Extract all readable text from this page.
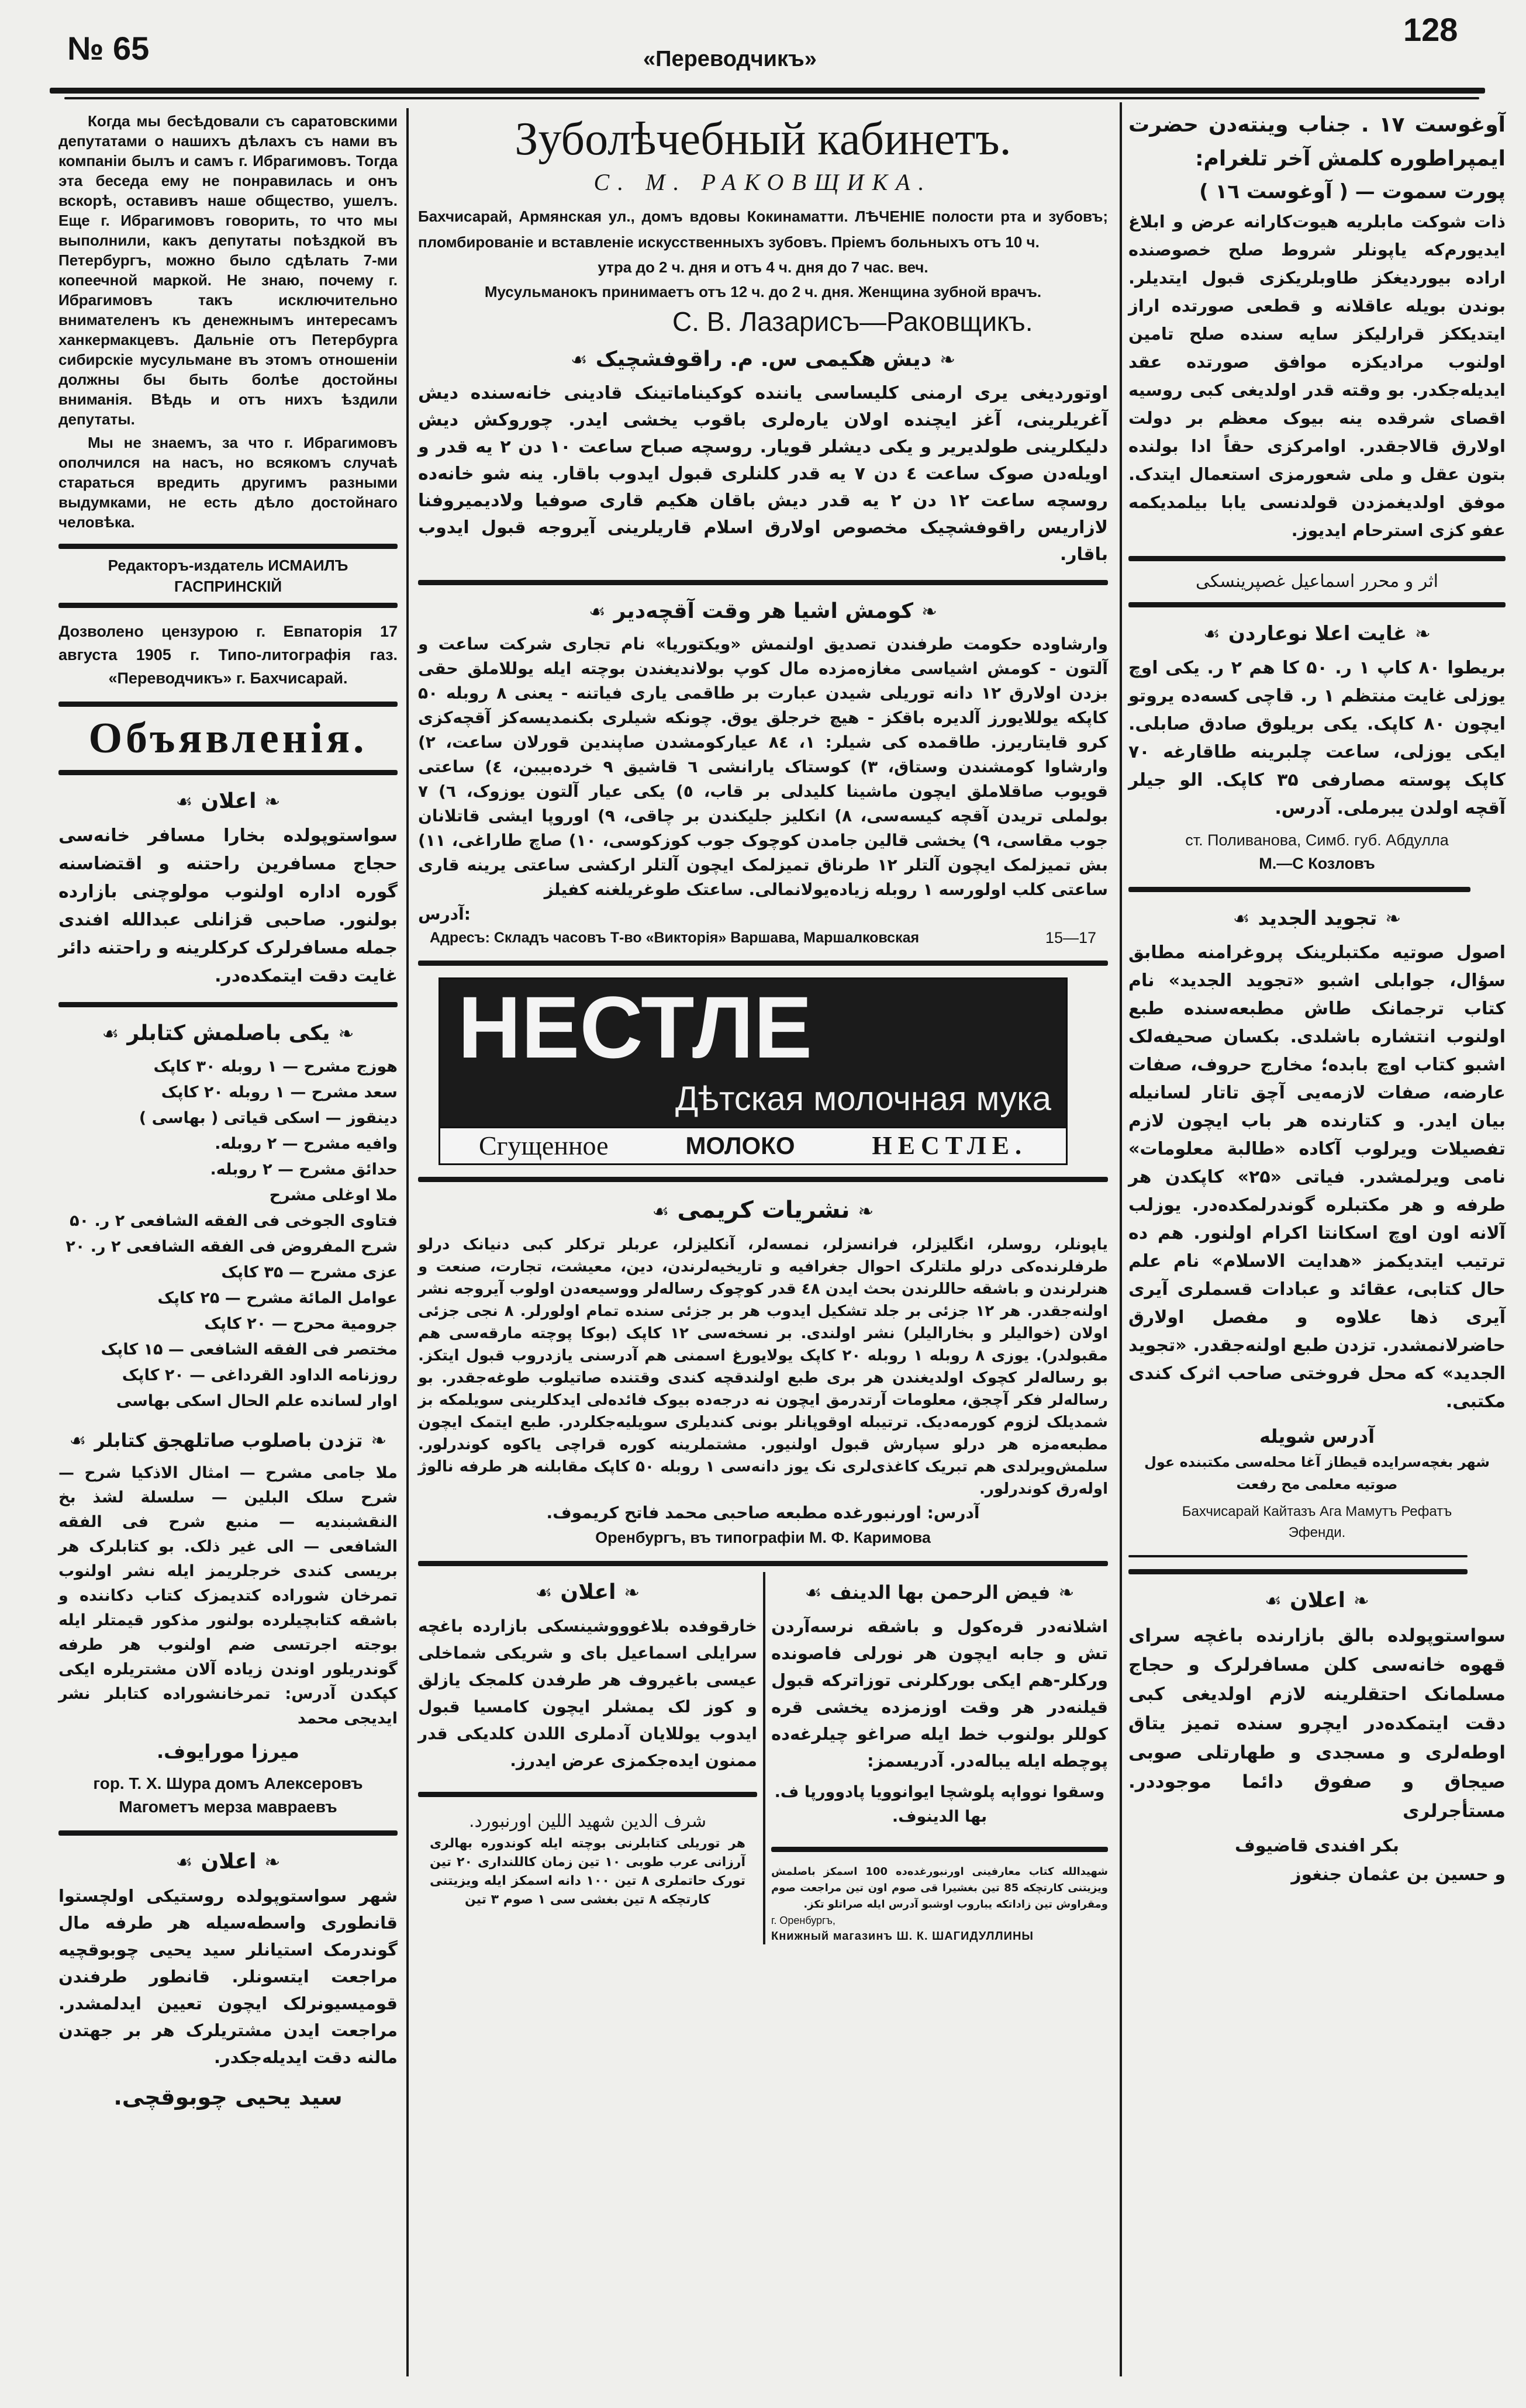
№ 65	«Переводчикъ»
128
Когда мы бесѣдовали съ саратовскими депутатами о нашихъ дѣлахъ съ нами въ компаніи былъ и самъ г. Ибрагимовъ. Тогда эта беседа ему не понравилась и онъ вскорѣ, оставивъ наше общество, ушелъ. Еще г. Ибрагимовъ говорить, то что мы выполнили, какъ депутаты поѣздкой въ Петербургъ, можно было сдѣлать 7-ми копеечной маркой. Не знаю, почему г. Ибрагимовъ такъ исключительно внимателенъ къ денежнымъ интересамъ ханкермакцевъ. Дальніе отъ Петербурга сибирскіе мусульмане въ этомъ отношеніи должны бы быть болѣе достойны вниманія. Вѣдь и отъ нихъ ѣздили депутаты.
Мы не знаемъ, за что г. Ибрагимовъ ополчился на насъ, но всякомъ случаѣ стараться вредить другимъ разными выдумками, не есть дѣло достойнаго человѣка.
Редакторъ-издатель ИСМАИЛЪ ГАСПРИНСКІЙ
Дозволено цензурою г. Евпаторія 17 августа 1905 г. Типо-литографія газ. «Переводчикъ» г. Бахчисарай.
Объявленія.
❧اعلان☙
سواستوپولده بخارا مسافر خانه‌سی حجاج مسافرین راحتنه و اقتضاسنه گوره اداره اولنوب مولوچنی بازارده بولنور. صاحبی قزانلی عبدالله افندی جمله مسافرلرک کرکلرینه و راحتنه دائر غایت دقت ایتمکده‌در.
❧یکی باصلمش کتابلر☙
هوزج مشرح — ۱ روبله ۳۰ کاپک
سعد مشرح — ۱ روبله ۲۰ کاپک
دینقوز — اسکی قیاتی ( بهاسی )
وافیه مشرح — ۲ روبله.
حدائق مشرح — ۲ روبله.
ملا اوغلی مشرح
فتاوی الجوخی فی الفقه الشافعی ۲ ر. ۵۰
شرح المفروض فی الفقه الشافعی ۲ ر. ۲۰
عزی مشرح — ۳۵ کاپک
عوامل المائة مشرح — ۲۵ کاپک
جرومیة محرح — ۲۰ کاپک
مختصر فی الفقه الشافعی — ۱۵ کاپک
روزنامه الداود القرداغی — ۲۰ کاپک
اوار لسانده علم الحال اسکی بهاسی
❧تزدن باصلوب صاتلهجق کتابلر☙
ملا جامی مشرح — امثال الاذکیا شرح — شرح سلک البلین — سلسلة لشذ بخ النقشبندیه — منبع شرح فی الفقه الشافعی — الی غیر ذلک. بو کتابلرک هر بریسی کندی خرجلریمز ایله نشر اولنوب تمرخان شوراده کتدیمزک کتاب دکاننده و باشقه کتابچیلرده بولنور مذکور قیمتلر ایله بوجته اجرتسی ضم اولنوب هر طرفه گوندریلور اوندن زیاده آلان مشتریلره ایکی کپکدن آدرس: تمرخانشوراده کتابلر نشر ایدیجی محمد
میرزا مورایوف.
гор. Т. Х. Шура домъ Алексеровъ
Магометъ мерза мавраевъ
❧اعلان☙
شهر سواستوپولده روستیکی اولچستوا قانطوری واسطه‌سیله هر طرفه مال گوندرمک استیانلر سید یحیی چوبوقچیه مراجعت ایتسونلر. قانطور طرفندن قومیسیونرلک ایچون تعیین ایدلمشدر. مراجعت ایدن مشتریلرک هر بر جهتدن مالنه دقت ایدیله‌جکدر.
سید یحیی چوبوقچی.
Зуболѣчебный кабинетъ.
С. М. РАКОВЩИКА.
Бахчисарай, Армянская ул., домъ вдовы Кокинаматти. ЛѢЧЕНІЕ полости рта и зубовъ; пломбированіе и вставленіе искусственныхъ зубовъ. Пріемъ больныхъ отъ 10 ч.
утра до 2 ч. дня и отъ 4 ч. дня до 7 час. веч.
Мусульманокъ принимаетъ отъ 12 ч. до 2 ч. дня. Женщина зубной врачъ.
С. В. Лазарисъ—Раковщикъ.
❧دیش هکیمی س. م. راقوفشچیک☙
اوتوردیغی یری ارمنی کلیساسی یاننده کوکیناماتینک قادینی خانه‌سنده دیش آغریلرینی، آغز ایچنده اولان یارەلری باقوب یخشی ایدر. چوروکش دیش دلیکلرینی طولدیریر و یکی دیشلر قویار. روسچه صباح ساعت ۱۰ دن ۲ یه قدر و اویله‌دن صوک ساعت ٤ دن ۷ یه قدر کلنلری قبول ایدوب باقار. ینه شو خانه‌ده روسچه ساعت ۱۲ دن ۲ یه قدر دیش باقان هکیم قاری صوفیا ولادیمیروفنا لازاریس راقوفشچیک مخصوص اولارق اسلام قاریلرینی آیروجه قبول ایدوب باقار.
❧کومش اشیا هر وقت آقچه‌دیر☙
وارشاوده حکومت طرفندن تصدیق اولنمش «ویکتوریا» نام تجاری شرکت ساعت و آلتون - کومش اشیاسی مغازه‌مزده مال کوپ بولاندیغندن بوچته ایله یوللاملق حقی بزدن اولارق ۱۲ دانه توریلی شیدن عبارت بر طاقمی یاری فیاتنه - یعنی ۸ روبله ۵۰ کاپکه یوللایورز آلدیره باقکز - هیچ خرجلق یوق. چونکه شیلری بکنمدیسه‌کز آقچه‌کزی کرو قایتاریرز. طاقمده کی شیلر: ۱، ۸٤ عیارکومشدن صاپندین قورلان ساعت، ۲) وارشاوا کومشندن وستاق، ۳) کوستاک یارانشی ٦ قاشیق ۹ خرده‌بیبن، ٤) ساعتی قویوب صاقلاملق ایچون ماشینا کلیدلی بر قاب، ٥) یکی عیار آلتون یوزوک، ٦) ۷ بولملی تریدن آقچه کیسه‌سی، ۸) انکلیز جلیکندن بر چاقی، ۹) اوروپا ایشی قاتلانان جوب مقاسی، ۹) یخشی قالین جامدن کوچوک جوب کوزکوسی، ۱۰) صاچ طاراغی، ۱۱) بش تمیزلمک ایچون آلتلر ۱۲ طرناق تمیزلمک ایچون آلتلر ارکشی ساعتی یرینه قاری ساعتی کلب اولورسه ۱ روبله زیاده‌یولانمالی. ساعتک طوغریلغنه کفیلز
آدرس:
Адресъ: Складъ часовъ Т-во «Викторія» Варшава, Маршалковская	15—17
НЕСТЛЕ
Дѣтская молочная мука
Сгущенное	МОЛОКО	НЕСТЛЕ.
❧نشریات کریمی☙
یاپونلر، روسلر، انگلیزلر، فرانسزلر، نمسه‌لر، آنکلیزلر، عربلر ترکلر کبی دنیانک درلو طرفلرنده‌کی درلو ملتلرک احوال جغرافیه و تاریخیه‌لرندن، دین، معیشت، تجارت، صنعت و هنرلرندن و باشقه حاللرندن بحث ایدن ٤۸ قدر کوچوک رساله‌لر ووسیعه‌دن اولوب آیروجه نشر اولنه‌جقدر. هر ۱۲ جزئی بر جلد تشکیل ایدوب هر بر جزئی سنده تمام اولورلر. ۸ نجی جزئی اولان (خوالیلر و بخارالیلر) نشر اولندی. بر نسخه‌سی ۱۲ کاپک (بوکا پوچته مارقه‌سی هم مقبولدر). یوزی ۸ روبله ۱ روبله ۲۰ کاپک یولایورغ اسمنی هم آدرسنی یازدروب قبول ایتکز. بو رساله‌لر کچوک اولدیغندن هر بری طبع اولندقچه کندی وقتنده صاتیلوب طوغه‌جقدر. بو رساله‌لر فکر آچجق، معلومات آرتدرمق ایچون نه درجه‌ده بیوک فائده‌لی ایدکلرینی سویلمکه بز شمدیلک لزوم کورمه‌دیک. ترتیبله اوقوپانلر بونی کندیلری سویلیه‌جکلردر. طبع ایتمک ایچون مطبعه‌مزه هر درلو سپارش قبول اولنیور. مشتملرینه کوره قراچی یاکوه کوندرلور. سلمش‌ویرلدی هم تبریک کاغذی‌لری نک یوز دانه‌سی ۱ روبله ۵۰ کاپک مقابلنه هر طرفه نالوژ اوله‌رق کوندرلور.
آدرس: اورنبورغده مطبعه صاحبی محمد فاتح کریموف.
Оренбургъ, въ типографіи М. Ф. Каримова
❧اعلان☙
خارقوفده بلاغوووشینسکی بازارده باغچه سرایلی اسماعیل بای و شریکی شماخلی عیسی باغیروف هر طرفدن کلمجک یازلق و کوز لک یمشلر ایچون کامسیا قبول ایدوب یوللایان آدملری اللدن کلدیکی قدر ممنون ایده‌جکمزی عرض ایدرز.
شرف الدین شهید اللین اورنبورد.
هر توریلی کتابلرنی بوچته ایله کوندوره بهالری آرزانی عرب طوبی ۱۰ تین زمان کاللنداری ۲۰ تین تورک حاتملری ۸ تین ۱۰۰ دانه اسمکز ایله ویزیتنی کارتچکه ۸ تین بغشی سی ۱ صوم ۳ تین
❧فیض الرحمن بها الدینف☙
اشلانه‌در قره‌کول و باشقه نرسه‌آردن تش و جابه ایچون هر نورلی فاصونده ورکلر-هم ایکی بورکلرنی توزاترکه قبول قیلنه‌در هر وقت اوزمزده یخشی قره کوللر بولنوب خط ایله صراغو چیلرغه‌ده پوچطه ایله یباله‌در. آدریسمز:
وسقوا نوواپه پلوشچا ایوانوویا پادوورپا ف. بها الدینوف.
شهیدالله کتاب معارفینی اورنبورغده‌ده 100 اسمکز باصلمش ویزیتنی کارتچکه 85 تین بغشیرا قی صوم اون تین مراجعت صوم ومقراوش تین زاداتکه یباروب اوشبو آدرس ایله صراتلو تکز.
г. Оренбургъ,
Книжный магазинъ Ш. К. ШАГИДУЛЛИНЫ
آوغوست ۱۷ . جناب وینته‌دن حضرت ایمپراطوره کلمش آخر تلغرام:
پورت سموت — ( آوغوست ۱٦ )
ذات شوکت مابلریه هیوت‌کارانه عرض و ابلاغ ایدیورم‌که یاپونلر شروط صلح خصوصنده اراده بیوردیغکز طاوبلریکزی قبول ایتدیلر. بوندن بویله عاقلانه و قطعی صورتده اراز ایتدیککز قرارلیکز سایه‌ سنده صلح تامین اولنوب مرادیکزه موافق صورتده عقد ایدیله‌جکدر. بو وقته قدر اولدیغی کبی روسیه اقصای شرقده ینه بیوک معظم بر دولت اولارق قالاجقدر. اوامرکزی حقاً ادا بولنده بتون عقل و ملی شعورمزی استعمال ایتدک. موفق اولدیغمزدن قولدنسی یابا بیلمدیکمه عفو کزی استرحام ایدیوز.
اثر و محرر اسماعیل غصپرینسکی
❧غایت اعلا نوعاردن☙
بریطوا ۸۰ کاپ ۱ ر. ۵۰ کا هم ۲ ر. یکی اوچ یوزلی غایت منتظم ۱ ر. قاچی کسه‌ده یروتو ایچون ۸۰ کاپک. یکی بریلوق صادق صابلی. ایکی یوزلی، ساعت چلبرینه طاقارغه ۷۰ کاپک پوسته مصارفی ۳۵ کاپک. الو جیلر آقچه اولدن یبرملی. آدرس.
ст. Поливанова, Симб. губ. Абдулла
М.—С Козловъ
❧تجوید الجدید☙
اصول صوتیه مکتبلرینک پروغرامنه مطابق سؤال، جوابلی اشبو «تجوید الجدید» نام کتاب ترجمانک طاش مطبعه‌سنده طبع اولنوب انتشاره باشلدی. بکسان صحیفه‌لک اشبو کتاب اوچ بابده؛ مخارج حروف، صفات عارضه، صفات لازمه‌یی آچق تاتار لسانیله بیان ایدر. و کتارنده هر باب ایچون لازم تفصیلات ویرلوب آکاده «طالبة معلومات» نامی ویرلمشدر. فیاتی «۲۵» کاپکدن هر طرفه و هر مکتبلره گوندرلمکده‌در. یوزلب آلانه اون اوچ اسکانتا اکرام اولنور. هم ده ترتیب ایتدیکمز «هدایت الاسلام» نام علم حال کتابی، عقائد و عبادات قسملری آیری آیری ذها علاوه و مفصل اولارق حاضرلانمشدر. تزدن طبع اولنه‌جقدر. «تجوید الجدید» که محل فروختی صاحب اثرک کندی مکتبی.
آدرس شویله
شهر بغچه‌سرایده قیطاز آغا محله‌سی مکتبنده عول صوتیه معلمی مح‌ رفعت
Бахчисарай Кайтазъ Ага Мамутъ Рефатъ
Эфенди.
❧اعلان☙
سواستوپولده بالق بازارنده باغچه سرای قهوه خانه‌سی کلن مسافرلرک و حجاج مسلمانک احتقلرینه لازم اولدیغی کبی دقت ایتمکده‌در ایچرو سنده تمیز یتاق اوطه‌لری و مسجدی و طهارتلی صوبی صیجاق و صفوق دائما موجوددر. مستأجرلری
بکر افندی قاضیوف
و حسین بن عثمان جنغوز
